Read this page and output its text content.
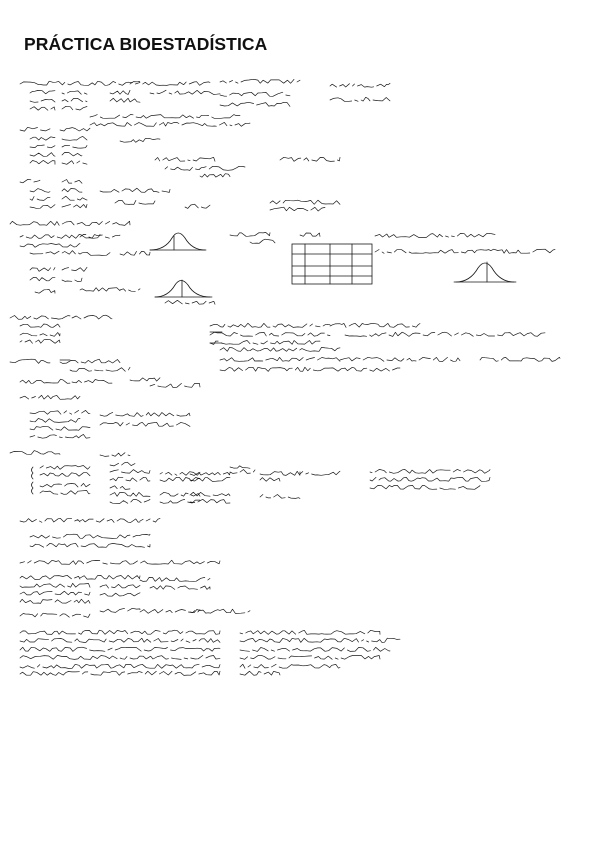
PRÁCTICA BIOESTADÍSTICA
